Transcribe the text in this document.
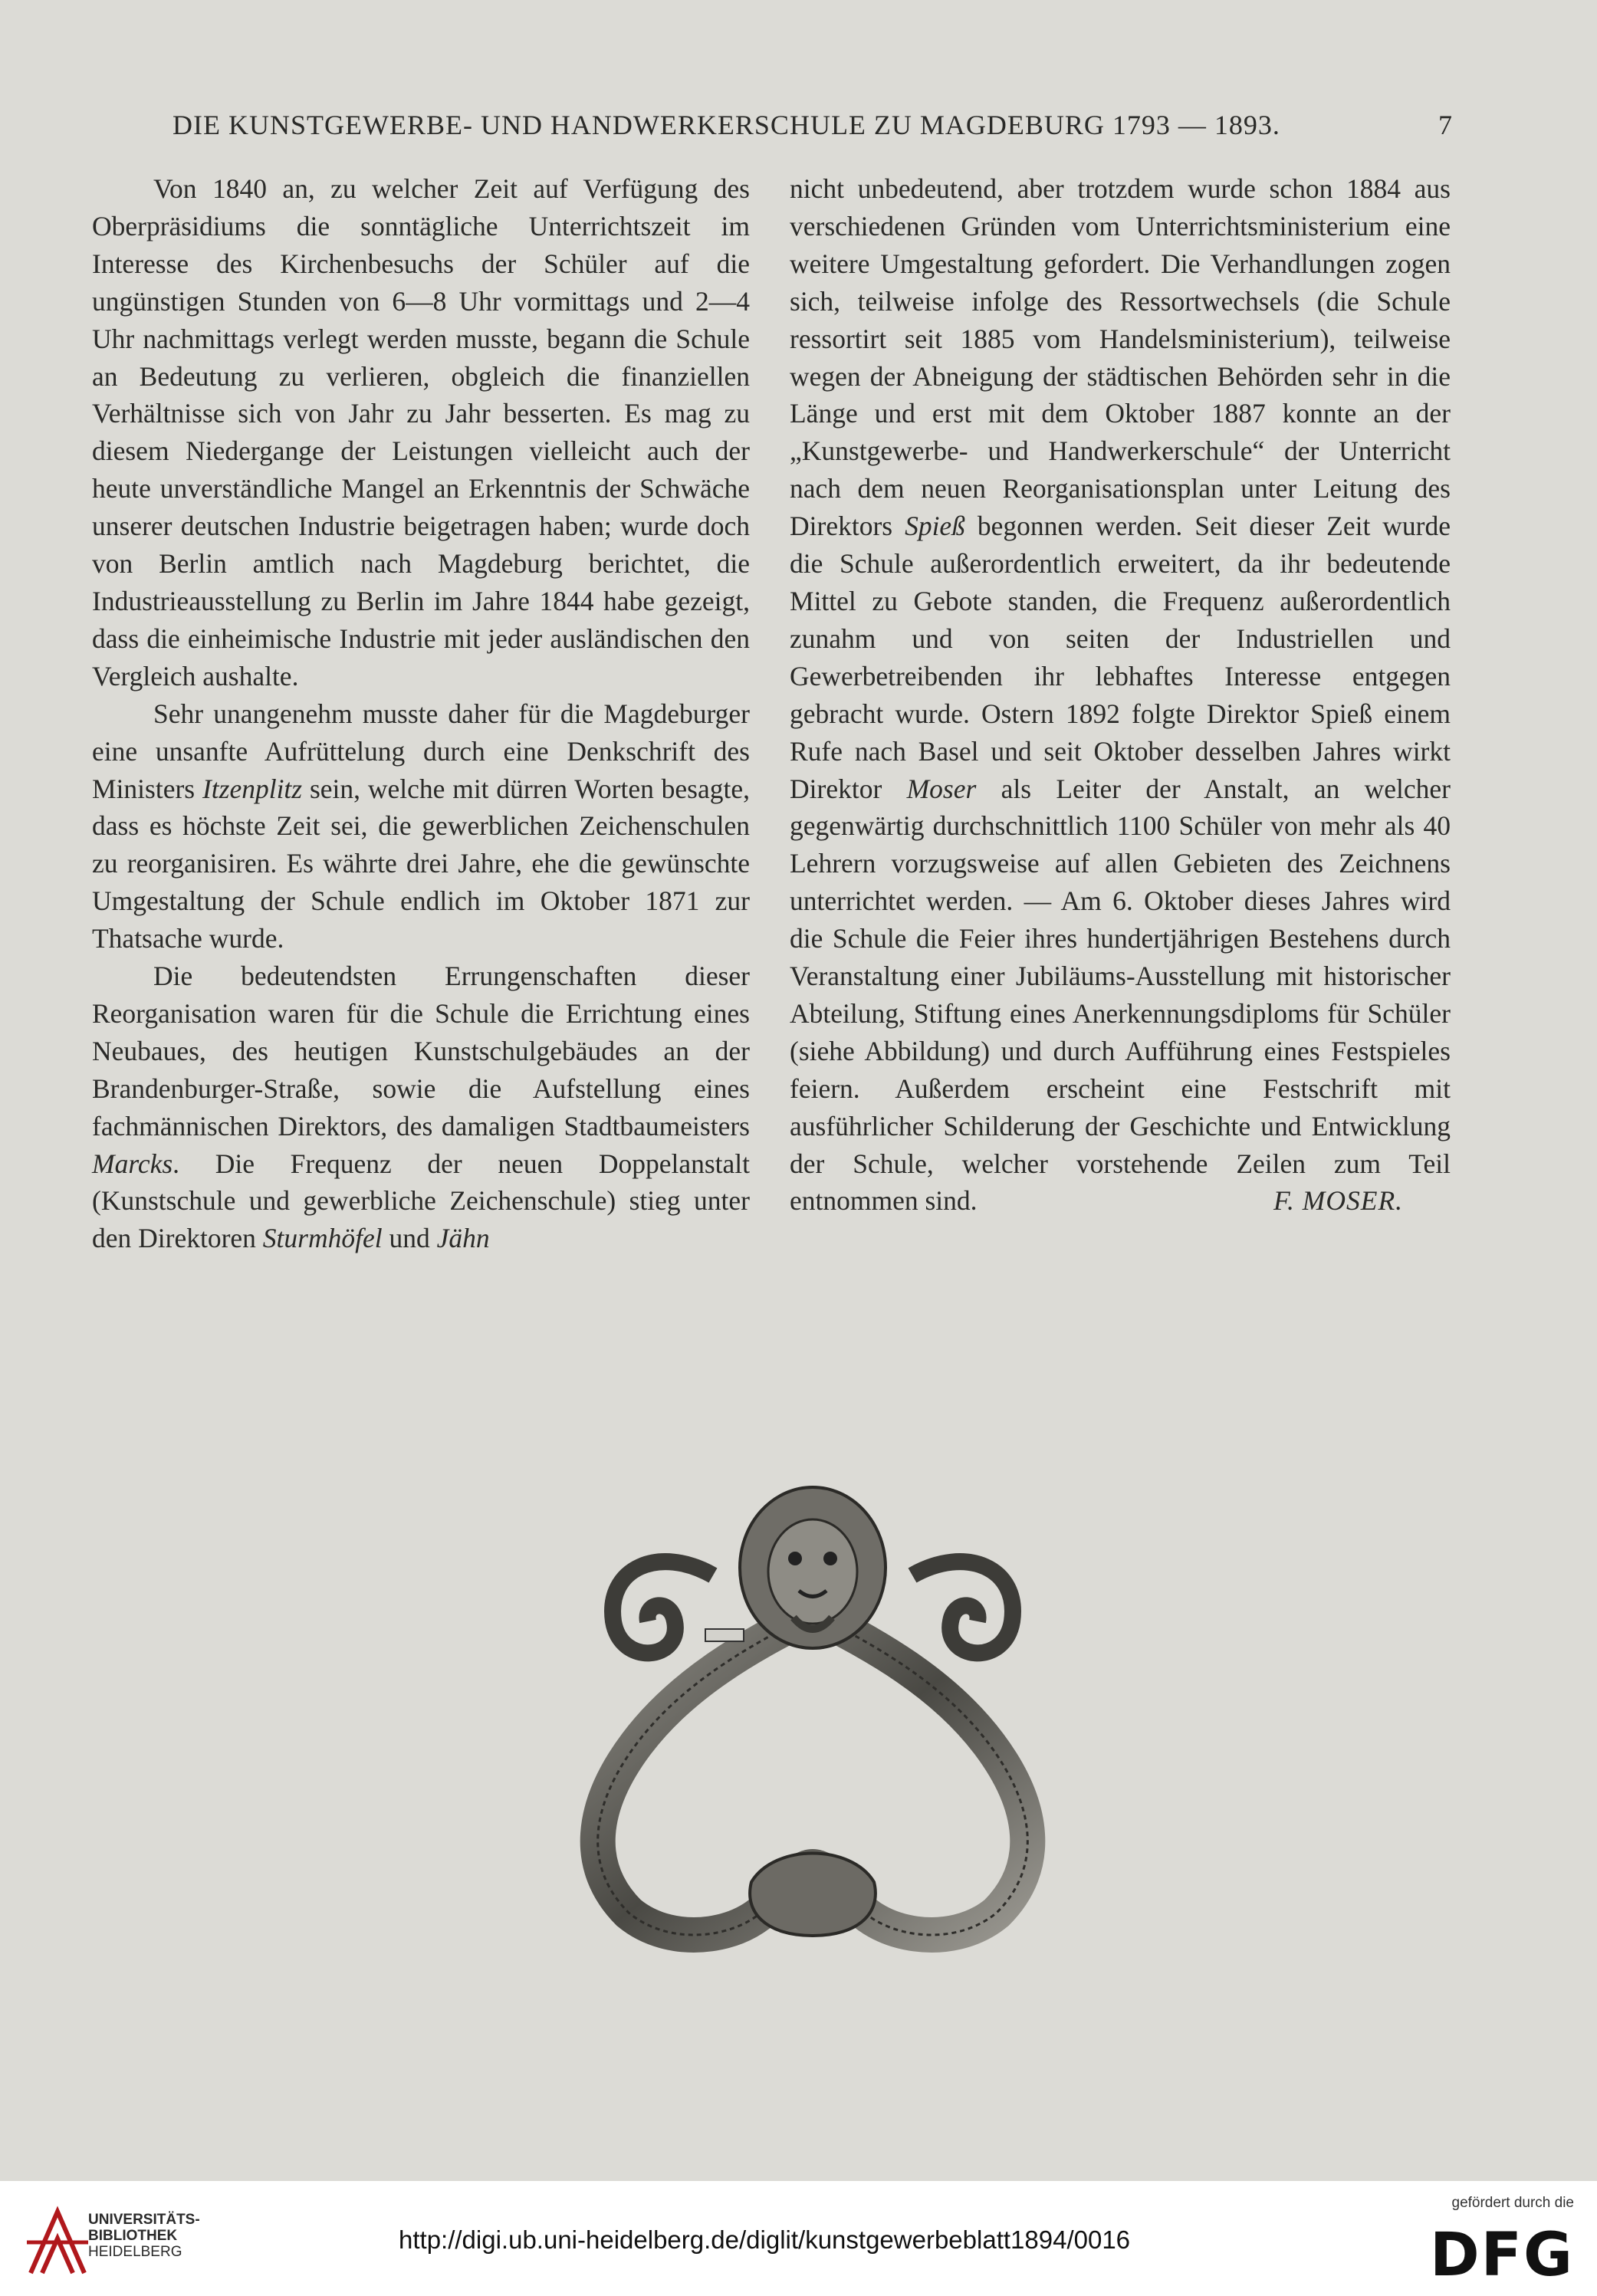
DIE KUNSTGEWERBE- UND HANDWERKERSCHULE ZU MAGDEBURG 1793 — 1893.	7

Von 1840 an, zu welcher Zeit auf Verfügung des Oberpräsidiums die sonntägliche Unterrichtszeit im Interesse des Kirchenbesuchs der Schüler auf die ungünstigen Stunden von 6—8 Uhr vormittags und 2—4 Uhr nachmittags verlegt werden musste, begann die Schule an Bedeutung zu verlieren, obgleich die finanziellen Verhältnisse sich von Jahr zu Jahr besserten. Es mag zu diesem Niedergange der Leistungen vielleicht auch der heute unverständliche Mangel an Erkenntnis der Schwäche unserer deutschen Industrie beigetragen haben; wurde doch von Berlin amtlich nach Magdeburg berichtet, die Industrieausstellung zu Berlin im Jahre 1844 habe gezeigt, dass die einheimische Industrie mit jeder ausländischen den Vergleich aushalte.

Sehr unangenehm musste daher für die Magdeburger eine unsanfte Aufrüttelung durch eine Denkschrift des Ministers Itzenplitz sein, welche mit dürren Worten besagte, dass es höchste Zeit sei, die gewerblichen Zeichenschulen zu reorganisiren. Es währte drei Jahre, ehe die gewünschte Umgestaltung der Schule endlich im Oktober 1871 zur Thatsache wurde.

Die bedeutendsten Errungenschaften dieser Reorganisation waren für die Schule die Errichtung eines Neubaues, des heutigen Kunstschulgebäudes an der Brandenburger-Straße, sowie die Aufstellung eines fachmännischen Direktors, des damaligen Stadtbaumeisters Marcks. Die Frequenz der neuen Doppelanstalt (Kunstschule und gewerbliche Zeichenschule) stieg unter den Direktoren Sturmhöfel und Jähn

nicht unbedeutend, aber trotzdem wurde schon 1884 aus verschiedenen Gründen vom Unterrichtsministerium eine weitere Umgestaltung gefordert. Die Verhandlungen zogen sich, teilweise infolge des Ressortwechsels (die Schule ressortirt seit 1885 vom Handelsministerium), teilweise wegen der Abneigung der städtischen Behörden sehr in die Länge und erst mit dem Oktober 1887 konnte an der „Kunstgewerbe- und Handwerkerschule“ der Unterricht nach dem neuen Reorganisationsplan unter Leitung des Direktors Spieß begonnen werden. Seit dieser Zeit wurde die Schule außerordentlich erweitert, da ihr bedeutende Mittel zu Gebote standen, die Frequenz außerordentlich zunahm und von seiten der Industriellen und Gewerbetreibenden ihr lebhaftes Interesse entgegen gebracht wurde. Ostern 1892 folgte Direktor Spieß einem Rufe nach Basel und seit Oktober desselben Jahres wirkt Direktor Moser als Leiter der Anstalt, an welcher gegenwärtig durchschnittlich 1100 Schüler von mehr als 40 Lehrern vorzugsweise auf allen Gebieten des Zeichnens unterrichtet werden. — Am 6. Oktober dieses Jahres wird die Schule die Feier ihres hundertjährigen Bestehens durch Veranstaltung einer Jubiläums-Ausstellung mit historischer Abteilung, Stiftung eines Anerkennungsdiploms für Schüler (siehe Abbildung) und durch Aufführung eines Festspieles feiern. Außerdem erscheint eine Festschrift mit ausführlicher Schilderung der Geschichte und Entwicklung der Schule, welcher vorstehende Zeilen zum Teil entnommen sind.	F. MOSER.

UNIVERSITÄTS-
BIBLIOTHEK
HEIDELBERG	http://digi.ub.uni-heidelberg.de/diglit/kunstgewerbeblatt1894/0016
gefördert durch die
DFG
